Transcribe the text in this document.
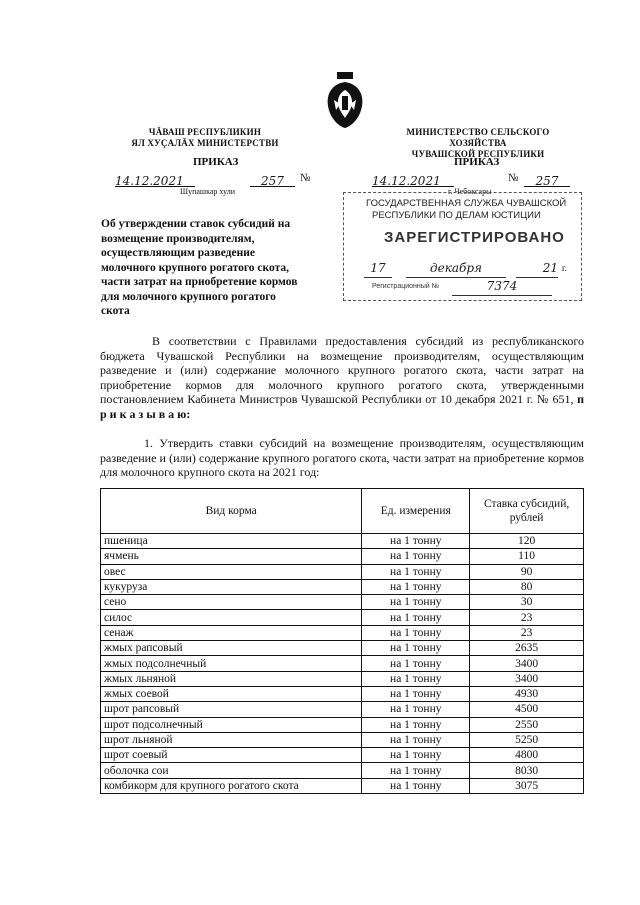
ЧĂВАШ РЕСПУБЛИКИН
ЯЛ ХУÇАЛĂХ МИНИСТЕРСТВИ
ПРИКАЗ
14.12.2021	257	№
Шупашкар хули
МИНИСТЕРСТВО СЕЛЬСКОГО ХОЗЯЙСТВА
ЧУВАШСКОЙ РЕСПУБЛИКИ
ПРИКАЗ
14.12.2021	№	257
г. Чебоксары
ГОСУДАРСТВЕННАЯ СЛУЖБА ЧУВАШСКОЙ
РЕСПУБЛИКИ ПО ДЕЛАМ ЮСТИЦИИ
ЗАРЕГИСТРИРОВАНО
17	декабря	21 г.
Регистрационный №	7374
Об утверждении ставок субсидий на
возмещение производителям,
осуществляющим разведение
молочного крупного рогатого скота,
части затрат на приобретение кормов
для молочного крупного рогатого
скота
В соответствии с Правилами предоставления субсидий из республиканского бюджета Чувашской Республики на возмещение производителям, осуществляющим разведение и (или) содержание молочного крупного рогатого скота, части затрат на приобретение кормов для молочного крупного рогатого скота, утвержденными постановлением Кабинета Министров Чувашской Республики от 10 декабря 2021 г. № 651, п р и к а з ы в а ю:
1. Утвердить ставки субсидий на возмещение производителям, осуществляющим разведение и (или) содержание крупного рогатого скота, части затрат на приобретение кормов для молочного крупного скота на 2021 год:
Вид корма	Ед. измерения	Ставка субсидий, рублей
пшеница	на 1 тонну	120
ячмень	на 1 тонну	110
овес	на 1 тонну	90
кукуруза	на 1 тонну	80
сено	на 1 тонну	30
силос	на 1 тонну	23
сенаж	на 1 тонну	23
жмых рапсовый	на 1 тонну	2635
жмых подсолнечный	на 1 тонну	3400
жмых льняной	на 1 тонну	3400
жмых соевой	на 1 тонну	4930
шрот рапсовый	на 1 тонну	4500
шрот подсолнечный	на 1 тонну	2550
шрот льняной	на 1 тонну	5250
шрот соевый	на 1 тонну	4800
оболочка сои	на 1 тонну	8030
комбикорм для крупного рогатого скота	на 1 тонну	3075
